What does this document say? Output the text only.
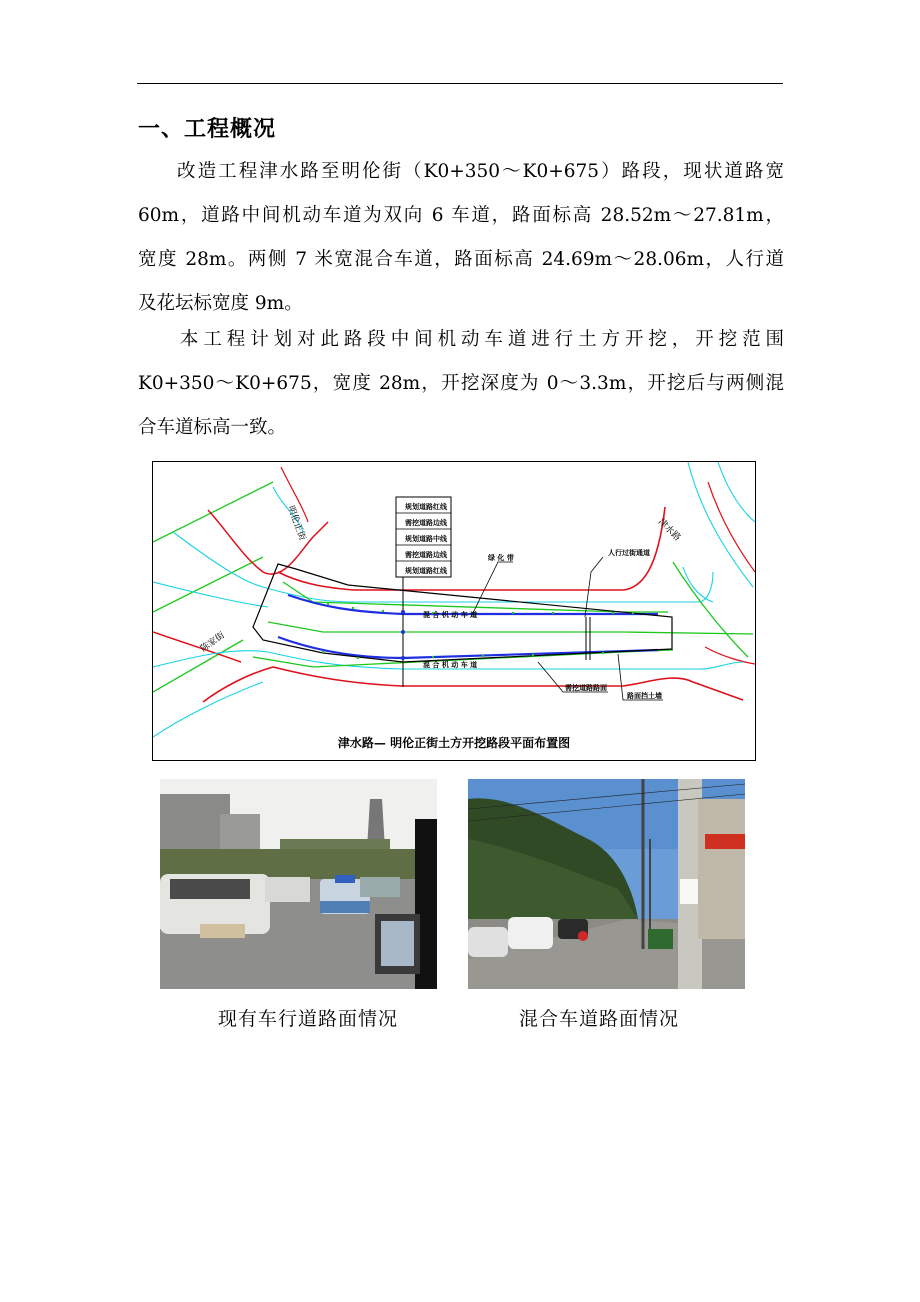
一、工程概况
改造工程津水路至明伦街（K0+350～K0+675）路段，现状道路宽
60m，道路中间机动车道为双向 6 车道，路面标高 28.52m～27.81m，
宽度 28m。两侧 7 米宽混合车道，路面标高 24.69m～28.06m，人行道
及花坛标宽度 9m。
本工程计划对此路段中间机动车道进行土方开挖，开挖范围
K0+350～K0+675，宽度 28m，开挖深度为 0～3.3m，开挖后与两侧混
合车道标高一致。
规划道路红线
需挖道路边线
规划道路中线
需挖道路边线
规划道路红线
绿 化 带
人行过街通道
混 合 机 动 车 道
混 合 机 动 车 道
需挖道路路面
路面挡土墙
津水路
明伦正街
陈家街
津水路— 明伦正街土方开挖路段平面布置图
现有车行道路面情况	混合车道路面情况
